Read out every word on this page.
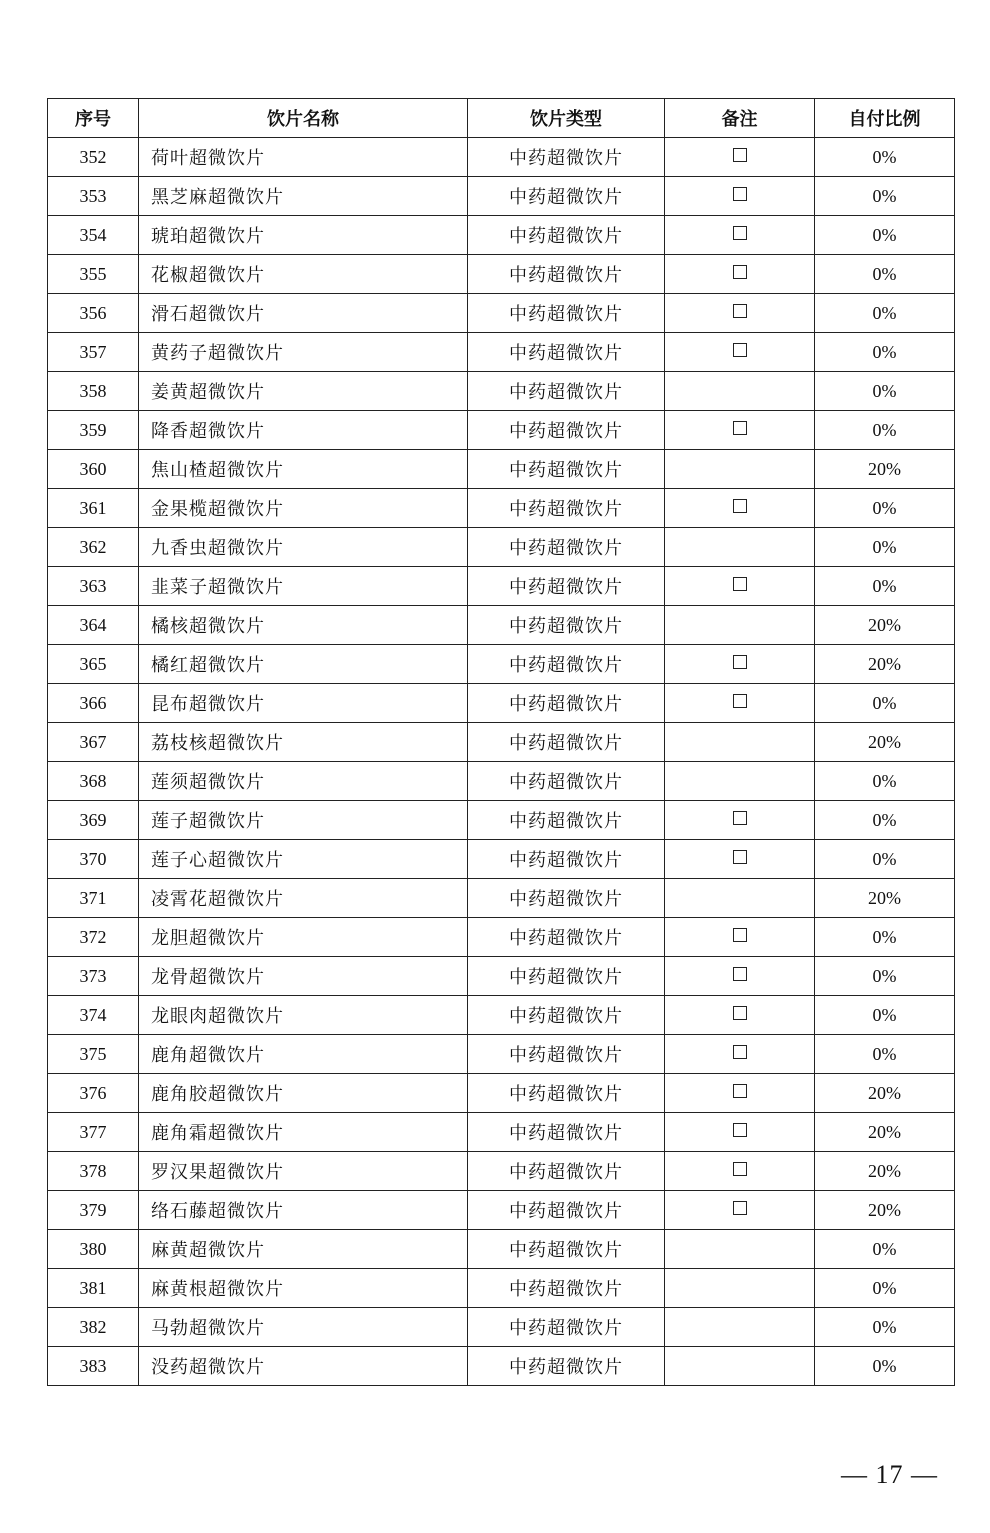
序号	饮片名称	饮片类型	备注	自付比例
352	荷叶超微饮片	中药超微饮片		0%
353	黑芝麻超微饮片	中药超微饮片		0%
354	琥珀超微饮片	中药超微饮片		0%
355	花椒超微饮片	中药超微饮片		0%
356	滑石超微饮片	中药超微饮片		0%
357	黄药子超微饮片	中药超微饮片		0%
358	姜黄超微饮片	中药超微饮片		0%
359	降香超微饮片	中药超微饮片		0%
360	焦山楂超微饮片	中药超微饮片		20%
361	金果榄超微饮片	中药超微饮片		0%
362	九香虫超微饮片	中药超微饮片		0%
363	韭菜子超微饮片	中药超微饮片		0%
364	橘核超微饮片	中药超微饮片		20%
365	橘红超微饮片	中药超微饮片		20%
366	昆布超微饮片	中药超微饮片		0%
367	荔枝核超微饮片	中药超微饮片		20%
368	莲须超微饮片	中药超微饮片		0%
369	莲子超微饮片	中药超微饮片		0%
370	莲子心超微饮片	中药超微饮片		0%
371	凌霄花超微饮片	中药超微饮片		20%
372	龙胆超微饮片	中药超微饮片		0%
373	龙骨超微饮片	中药超微饮片		0%
374	龙眼肉超微饮片	中药超微饮片		0%
375	鹿角超微饮片	中药超微饮片		0%
376	鹿角胶超微饮片	中药超微饮片		20%
377	鹿角霜超微饮片	中药超微饮片		20%
378	罗汉果超微饮片	中药超微饮片		20%
379	络石藤超微饮片	中药超微饮片		20%
380	麻黄超微饮片	中药超微饮片		0%
381	麻黄根超微饮片	中药超微饮片		0%
382	马勃超微饮片	中药超微饮片		0%
383	没药超微饮片	中药超微饮片		0%
— 17 —
